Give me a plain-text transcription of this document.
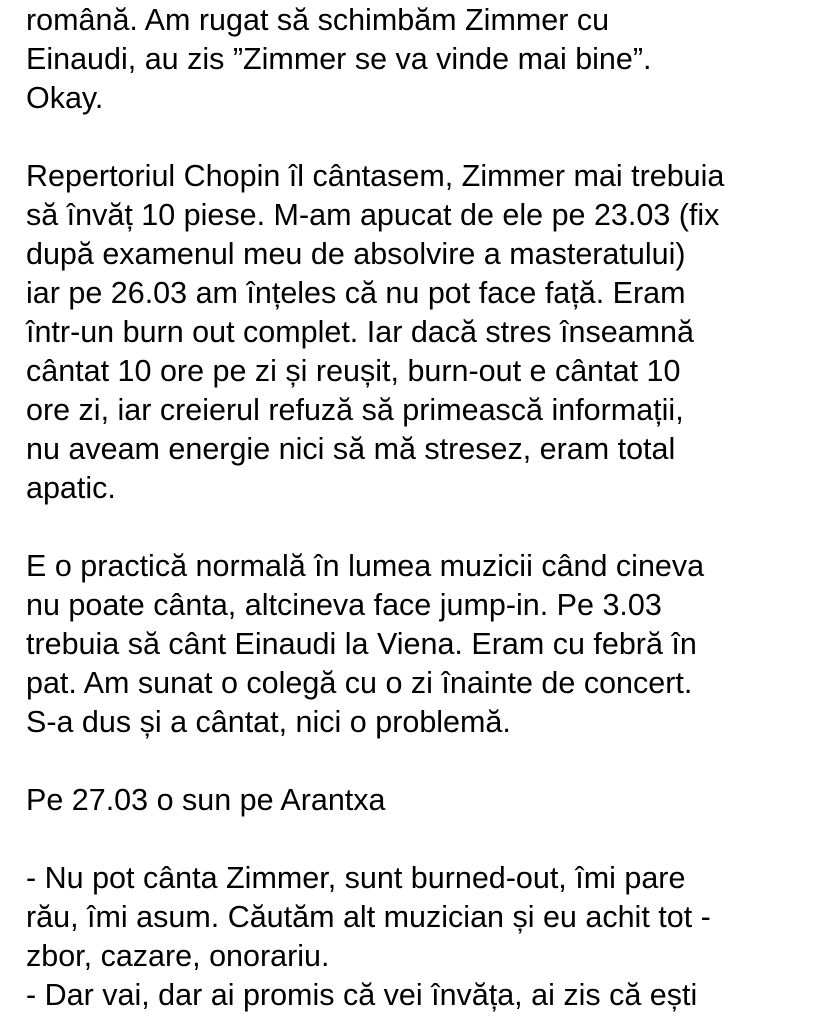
română. Am rugat să schimbăm Zimmer cu
Einaudi, au zis ”Zimmer se va vinde mai bine”.
Okay.
Repertoriul Chopin îl cântasem, Zimmer mai trebuia
să învăț 10 piese. M-am apucat de ele pe 23.03 (fix
după examenul meu de absolvire a masteratului)
iar pe 26.03 am înțeles că nu pot face față. Eram
într-un burn out complet. Iar dacă stres înseamnă
cântat 10 ore pe zi și reușit, burn-out e cântat 10
ore zi, iar creierul refuză să primească informații,
nu aveam energie nici să mă stresez, eram total
apatic.
E o practică normală în lumea muzicii când cineva
nu poate cânta, altcineva face jump-in. Pe 3.03
trebuia să cânt Einaudi la Viena. Eram cu febră în
pat. Am sunat o colegă cu o zi înainte de concert.
S-a dus și a cântat, nici o problemă.
Pe 27.03 o sun pe Arantxa
- Nu pot cânta Zimmer, sunt burned-out, îmi pare
rău, îmi asum. Căutăm alt muzician și eu achit tot -
zbor, cazare, onorariu.
- Dar vai, dar ai promis că vei învăța, ai zis că ești
